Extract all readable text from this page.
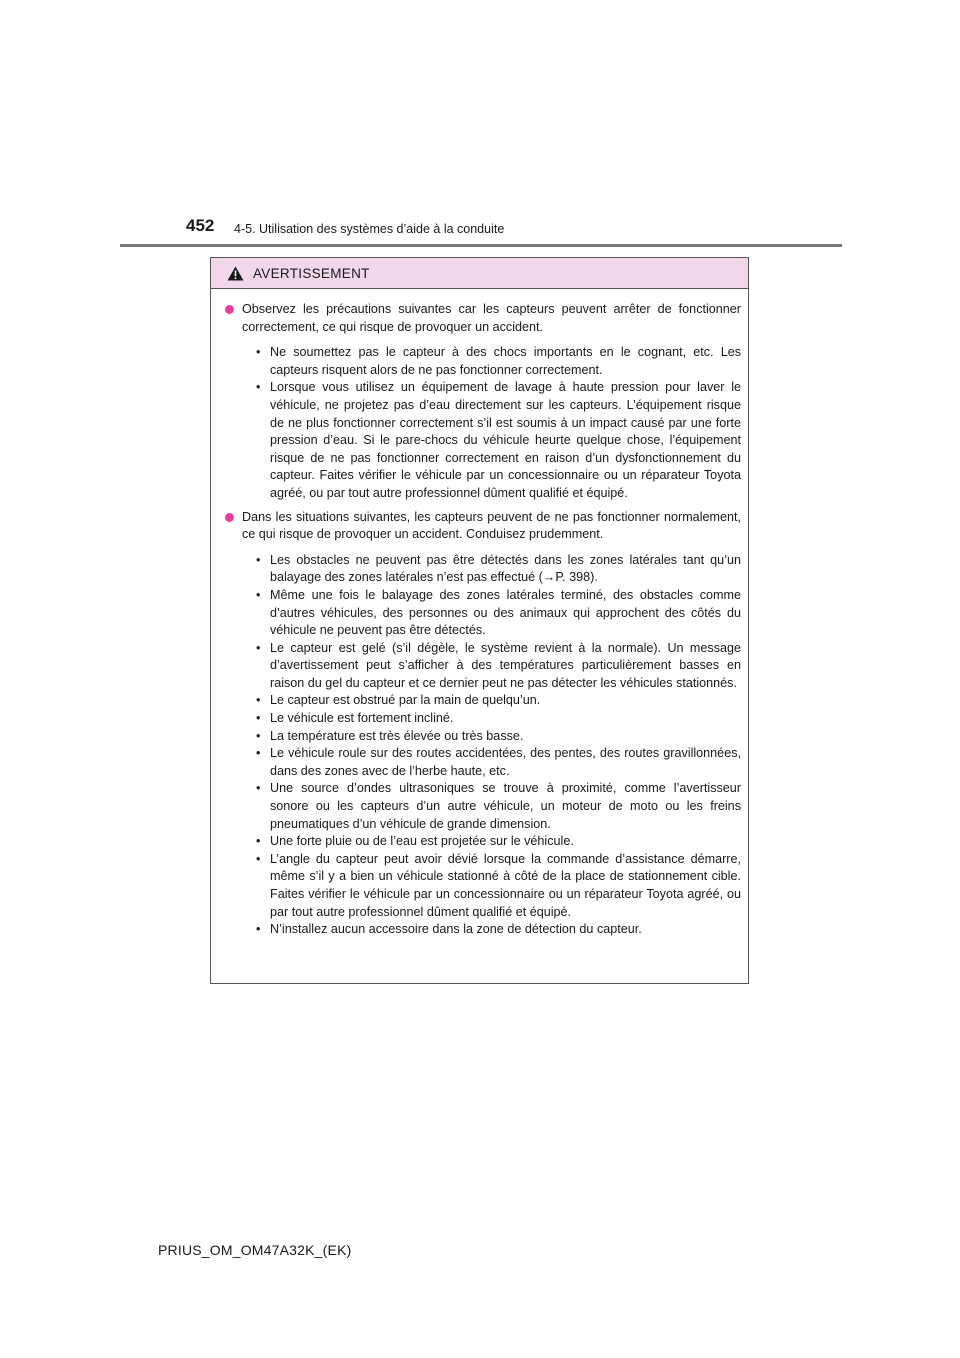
452 4-5. Utilisation des systèmes d’aide à la conduite
AVERTISSEMENT
Observez les précautions suivantes car les capteurs peuvent arrêter de fonctionner correctement, ce qui risque de provoquer un accident.
• Ne soumettez pas le capteur à des chocs importants en le cognant, etc. Les capteurs risquent alors de ne pas fonctionner correctement.
• Lorsque vous utilisez un équipement de lavage à haute pression pour laver le véhicule, ne projetez pas d’eau directement sur les capteurs. L’équipement risque de ne plus fonctionner correctement s’il est soumis à un impact causé par une forte pression d’eau. Si le pare-chocs du véhicule heurte quelque chose, l’équipement risque de ne pas fonctionner correctement en raison d’un dysfonctionnement du capteur. Faites vérifier le véhicule par un concessionnaire ou un réparateur Toyota agréé, ou par tout autre professionnel dûment qualifié et équipé.
Dans les situations suivantes, les capteurs peuvent de ne pas fonctionner normalement, ce qui risque de provoquer un accident. Conduisez prudemment.
• Les obstacles ne peuvent pas être détectés dans les zones latérales tant qu’un balayage des zones latérales n’est pas effectué (→P. 398).
• Même une fois le balayage des zones latérales terminé, des obstacles comme d’autres véhicules, des personnes ou des animaux qui approchent des côtés du véhicule ne peuvent pas être détectés.
• Le capteur est gelé (s’il dégèle, le système revient à la normale). Un message d’avertissement peut s’afficher à des températures particulièrement basses en raison du gel du capteur et ce dernier peut ne pas détecter les véhicules stationnés.
• Le capteur est obstrué par la main de quelqu’un.
• Le véhicule est fortement incliné.
• La température est très élevée ou très basse.
• Le véhicule roule sur des routes accidentées, des pentes, des routes gravillonnées, dans des zones avec de l’herbe haute, etc.
• Une source d’ondes ultrasoniques se trouve à proximité, comme l’avertisseur sonore ou les capteurs d’un autre véhicule, un moteur de moto ou les freins pneumatiques d’un véhicule de grande dimension.
• Une forte pluie ou de l’eau est projetée sur le véhicule.
• L’angle du capteur peut avoir dévié lorsque la commande d’assistance démarre, même s’il y a bien un véhicule stationné à côté de la place de stationnement cible. Faites vérifier le véhicule par un concessionnaire ou un réparateur Toyota agréé, ou par tout autre professionnel dûment qualifié et équipé.
• N’installez aucun accessoire dans la zone de détection du capteur.
PRIUS_OM_OM47A32K_(EK)
